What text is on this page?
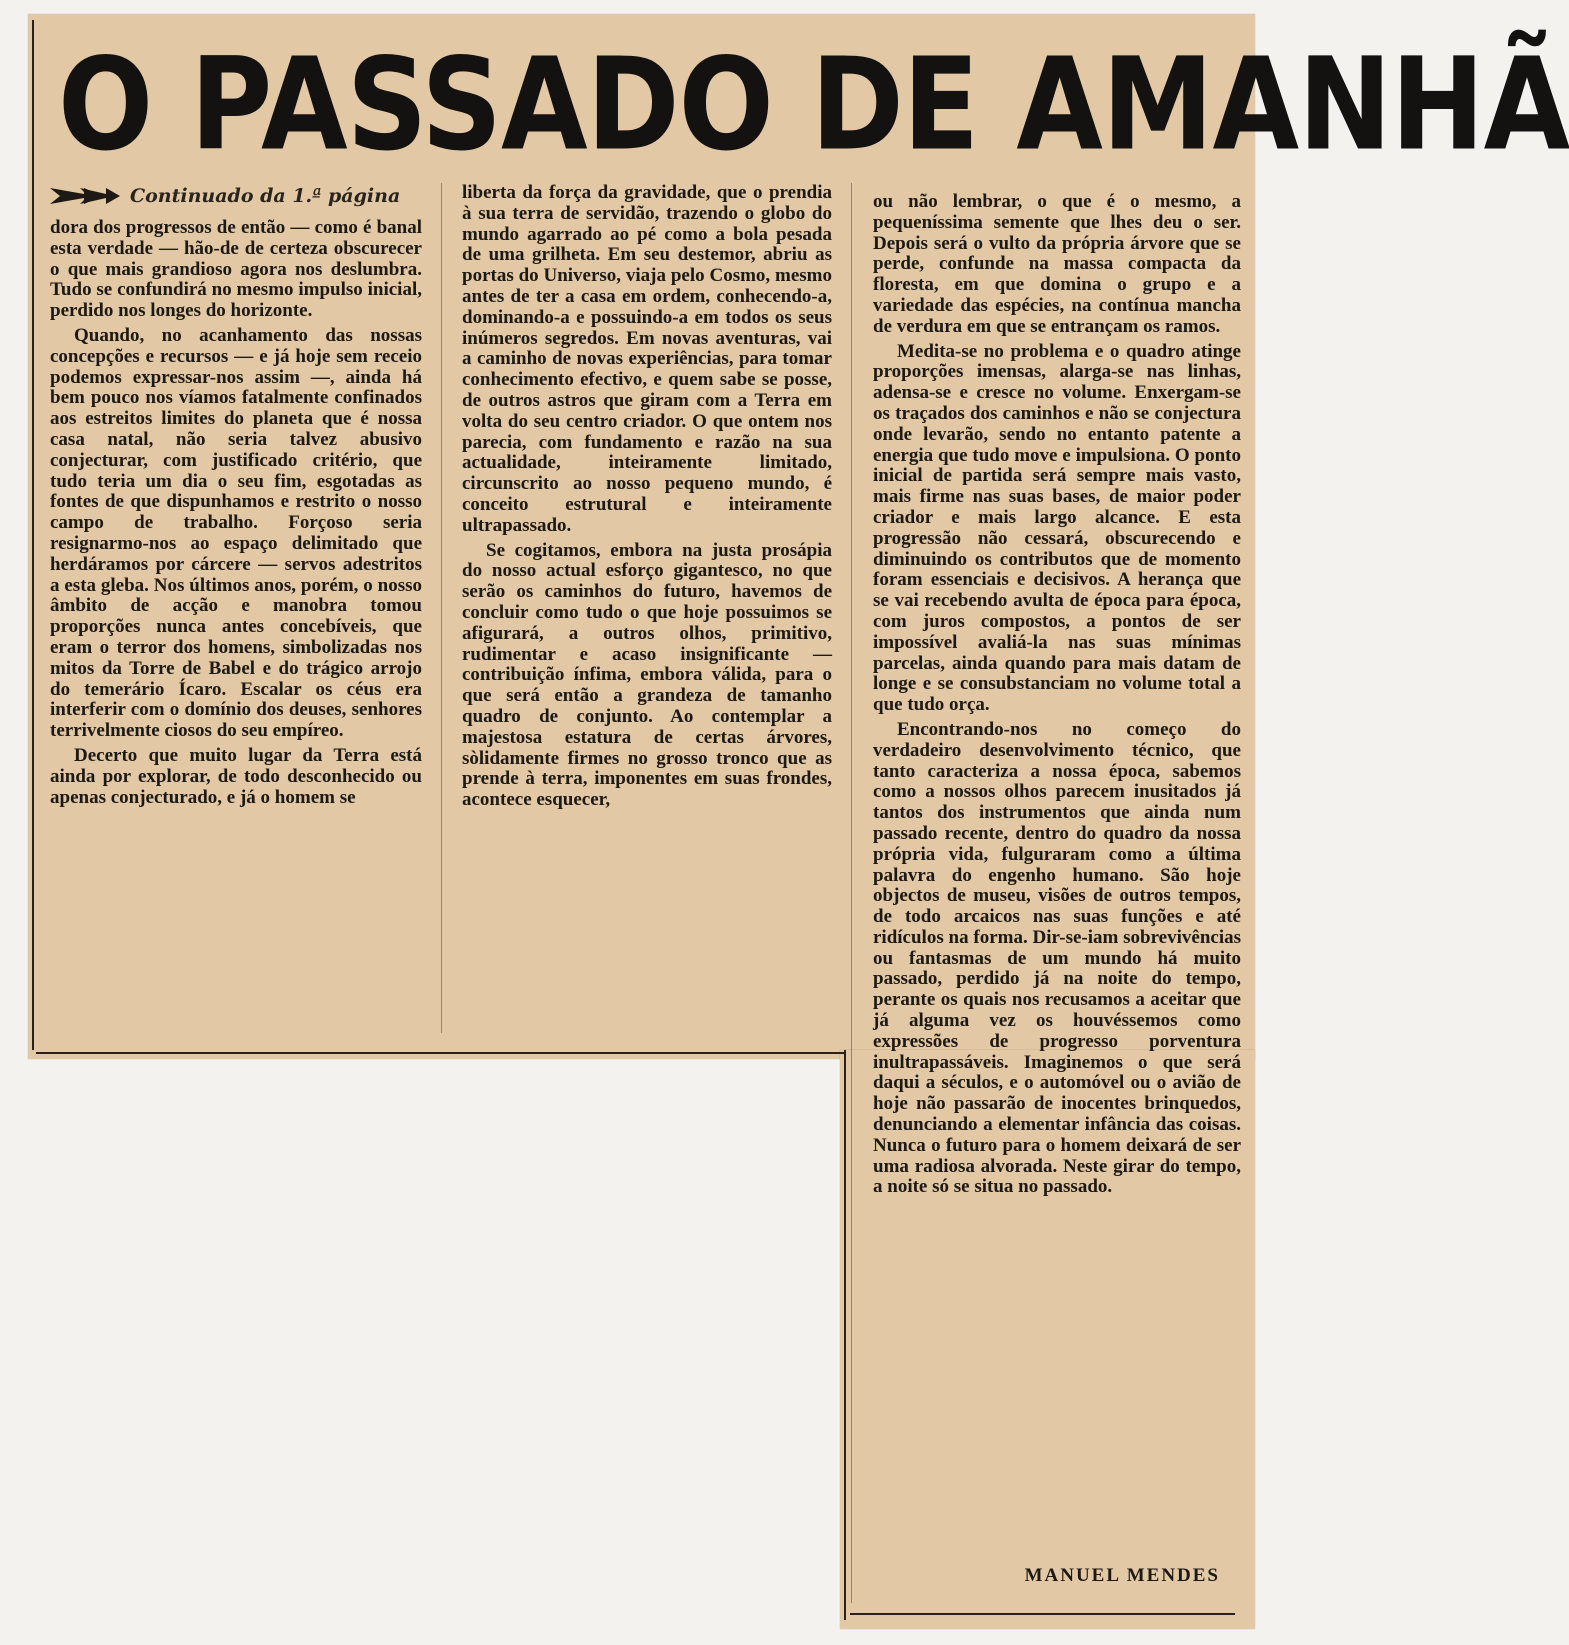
O PASSADO DE AMANHÃ
Continuado da 1.ª página

dora dos progressos de então — como é banal esta verdade — hão-de de certeza obscurecer o que mais grandioso agora nos deslumbra. Tudo se confundirá no mesmo impulso inicial, perdido nos longes do horizonte.

Quando, no acanhamento das nossas concepções e recursos — e já hoje sem receio podemos expressar-nos assim —, ainda há bem pouco nos víamos fatalmente confinados aos estreitos limites do planeta que é nossa casa natal, não seria talvez abusivo conjecturar, com justificado critério, que tudo teria um dia o seu fim, esgotadas as fontes de que dispunhamos e restrito o nosso campo de trabalho. Forçoso seria resignarmo-nos ao espaço delimitado que herdáramos por cárcere — servos adestritos a esta gleba. Nos últimos anos, porém, o nosso âmbito de acção e manobra tomou proporções nunca antes concebíveis, que eram o terror dos homens, simbolizadas nos mitos da Torre de Babel e do trágico arrojo do temerário Ícaro. Escalar os céus era interferir com o domínio dos deuses, senhores terrivelmente ciosos do seu empíreo.

Decerto que muito lugar da Terra está ainda por explorar, de todo desconhecido ou apenas conjecturado, e já o homem se

liberta da força da gravidade, que o prendia à sua terra de servidão, trazendo o globo do mundo agarrado ao pé como a bola pesada de uma grilheta. Em seu destemor, abriu as portas do Universo, viaja pelo Cosmo, mesmo antes de ter a casa em ordem, conhecendo-a, dominando-a e possuindo-a em todos os seus inúmeros segredos. Em novas aventuras, vai a caminho de novas experiências, para tomar conhecimento efectivo, e quem sabe se posse, de outros astros que giram com a Terra em volta do seu centro criador. O que ontem nos parecia, com fundamento e razão na sua actualidade, inteiramente limitado, circunscrito ao nosso pequeno mundo, é conceito estrutural e inteiramente ultrapassado.

Se cogitamos, embora na justa prosápia do nosso actual esforço gigantesco, no que serão os caminhos do futuro, havemos de concluir como tudo o que hoje possuimos se afigurará, a outros olhos, primitivo, rudimentar e acaso insignificante — contribuição ínfima, embora válida, para o que será então a grandeza de tamanho quadro de conjunto. Ao contemplar a majestosa estatura de certas árvores, sòlidamente firmes no grosso tronco que as prende à terra, imponentes em suas frondes, acontece esquecer,

ou não lembrar, o que é o mesmo, a pequeníssima semente que lhes deu o ser. Depois será o vulto da própria árvore que se perde, confunde na massa compacta da floresta, em que domina o grupo e a variedade das espécies, na contínua mancha de verdura em que se entrançam os ramos.

Medita-se no problema e o quadro atinge proporções imensas, alarga-se nas linhas, adensa-se e cresce no volume. Enxergam-se os traçados dos caminhos e não se conjectura onde levarão, sendo no entanto patente a energia que tudo move e impulsiona. O ponto inicial de partida será sempre mais vasto, mais firme nas suas bases, de maior poder criador e mais largo alcance. E esta progressão não cessará, obscurecendo e diminuindo os contributos que de momento foram essenciais e decisivos. A herança que se vai recebendo avulta de época para época, com juros compostos, a pontos de ser impossível avaliá-la nas suas mínimas parcelas, ainda quando para mais datam de longe e se consubstanciam no volume total a que tudo orça.

Encontrando-nos no começo do verdadeiro desenvolvimento técnico, que tanto caracteriza a nossa época, sabemos como a nossos olhos parecem inusitados já tantos dos instrumentos que ainda num passado recente, dentro do quadro da nossa própria vida, fulguraram como a última palavra do engenho humano. São hoje objectos de museu, visões de outros tempos, de todo arcaicos nas suas funções e até ridículos na forma. Dir-se-iam sobrevivências ou fantasmas de um mundo há muito passado, perdido já na noite do tempo, perante os quais nos recusamos a aceitar que já alguma vez os houvéssemos como expressões de progresso porventura inultrapassáveis. Imaginemos o que será daqui a séculos, e o automóvel ou o avião de hoje não passarão de inocentes brinquedos, denunciando a elementar infância das coisas. Nunca o futuro para o homem deixará de ser uma radiosa alvorada. Neste girar do tempo, a noite só se situa no passado.

MANUEL MENDES
